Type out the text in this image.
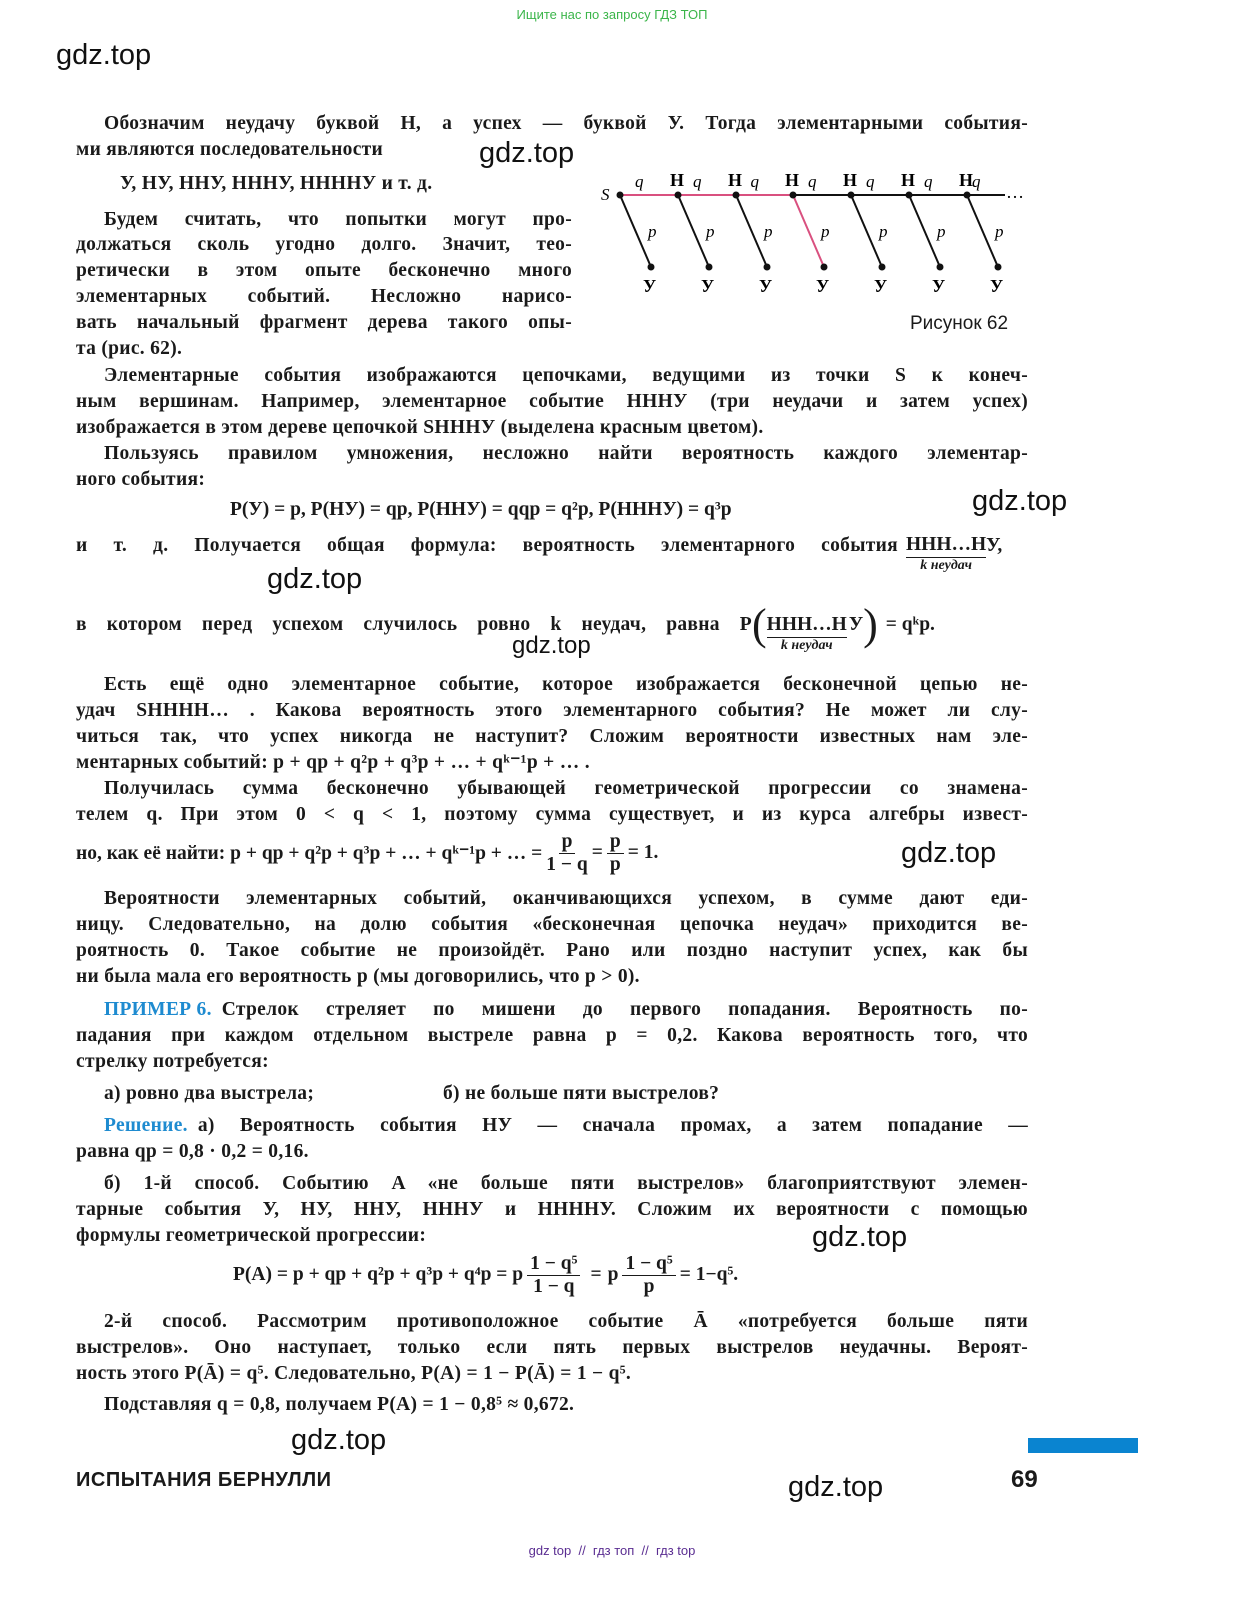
Ищите нас по запросу ГДЗ ТОП
gdz.top
gdz.top
gdz.top
gdz.top
gdz.top
gdz.top
gdz.top
gdz.top
gdz.top
Обозначим неудачу буквой Н, а успех — буквой У. Тогда элементарными события-
ми являются последовательности
У, НУ, ННУ, НННУ, ННННУ и т. д.
Будем считать, что попытки могут про-
должаться сколь угодно долго. Значит, тео-
ретически в этом опыте бесконечно много
элементарных событий. Несложно нарисо-
вать начальный фрагмент дерева такого опы-
та (рис. 62).
p
У
q Н
p
У
q Н
p
У
q Н
p
У
q Н
p
У
q Н
p
У
q Н
p
У
q
S	…
Рисунок 62
Элементарные события изображаются цепочками, ведущими из точки S к конеч-
ным вершинам. Например, элементарное событие НННУ (три неудачи и затем успех)
изображается в этом дереве цепочкой SНННУ (выделена красным цветом).
Пользуясь правилом умножения, несложно найти вероятность каждого элементар-
ного события:
P(У) = p, P(НУ) = qp, P(ННУ) = qqp = q²p, P(НННУ) = q³p
и т. д. Получается общая формула: вероятность элементарного события ННН…Н
k неудач
У,
в котором перед успехом случилось ровно k неудач, равна P ( ННН…Н
k неудач
У ) = qᵏp.
Есть ещё одно элементарное событие, которое изображается бесконечной цепью не-
удач SНННН… . Какова вероятность этого элементарного события? Не может ли слу-
читься так, что успех никогда не наступит? Сложим вероятности известных нам эле-
ментарных событий: p + qp + q²p + q³p + … + qᵏ⁻¹p + … .
Получилась сумма бесконечно убывающей геометрической прогрессии со знамена-
телем q. При этом 0 < q < 1, поэтому сумма существует, и из курса алгебры извест-
но, как её найти: p + qp + q²p + q³p + … + qᵏ⁻¹p + … = $\frac{p}{1 - q} = \frac{p}{p} = 1$.
Вероятности элементарных событий, оканчивающихся успехом, в сумме дают еди-
ницу. Следовательно, на долю события «бесконечная цепочка неудач» приходится ве-
роятность 0. Такое событие не произойдёт. Рано или поздно наступит успех, как бы
ни была мала его вероятность p (мы договорились, что p > 0).
ПРИМЕР 6. Стрелок стреляет по мишени до первого попадания. Вероятность по-
падания при каждом отдельном выстреле равна p = 0,2. Какова вероятность того, что
стрелку потребуется:
а) ровно два выстрела;	б) не больше пяти выстрелов?
Решение. а) Вероятность события НУ — сначала промах, а затем попадание —
равна qp = 0,8 · 0,2 = 0,16.
б) 1-й способ. Событию A «не больше пяти выстрелов» благоприятствуют элемен-
тарные события У, НУ, ННУ, НННУ и ННННУ. Сложим их вероятности с помощью
формулы геометрической прогрессии:
P(A) = p + qp + q²p + q³p + q⁴p = p $\frac{\text{1 − q⁵}}{1 - q} = p \frac{\text{1 − q⁵}}{p} = 1-q^5$.
2-й способ. Рассмотрим противоположное событие Ā «потребуется больше пяти
выстрелов». Оно наступает, только если пять первых выстрелов неудачны. Вероят-
ность этого P(Ā) = q⁵. Следовательно, P(A) = 1 − P(Ā) = 1 − q⁵.
Подставляя q = 0,8, получаем P(A) = 1 − 0,8⁵ ≈ 0,672.
ИСПЫТАНИЯ БЕРНУЛЛИ	69
gdz top  //  гдз топ  //  гдз top
